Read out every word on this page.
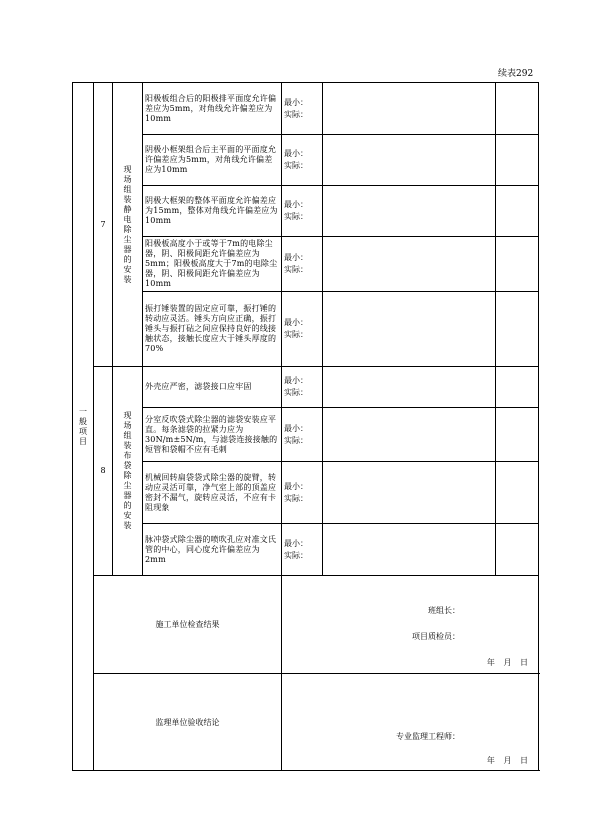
续表292
一般项目	7	现场组装静电除尘器的安装	阳极板组合后的阳极排平面度允许偏差应为5mm，对角线允许偏差应为10mm	最小：
实际：		

			阴极小框架组合后主平面的平面度允许偏差应为5mm，对角线允许偏差应为10mm	最小：
实际：		

			阴极大框架的整体平面度允许偏差应为15mm，整体对角线允许偏差应为10mm	最小：
实际：		

			阳极板高度小于或等于7m的电除尘器，阴、阳极间距允许偏差应为5mm；阳极板高度大于7m的电除尘器，阴、阳极间距允许偏差应为10mm	最小：
实际：		

			振打锤装置的固定应可靠，振打锤的转动应灵活。锤头方向应正确，振打锤头与振打砧之间应保持良好的线接触状态，接触长度应大于锤头厚度的70%	最小：
实际：		

	8	现场组装布袋除尘器的安装	外壳应严密，滤袋接口应牢固	最小：
实际：		

			分室反吹袋式除尘器的滤袋安装应平直。每条滤袋的拉紧力应为30N/m±5N/m，与滤袋连接接触的短管和袋帽不应有毛刺	最小：
实际：		

			机械回转扁袋袋式除尘器的旋臂，转动应灵活可靠，净气室上部的顶盖应密封不漏气，旋转应灵活，不应有卡阻现象	最小：
实际：		

			脉冲袋式除尘器的喷吹孔应对准文氏管的中心，同心度允许偏差应为2mm	最小：
实际：		

	施工单位检查结果			班组长：
项目质检员：
年 月 日		

	监理单位验收结论			专业监理工程师：
年 月 日		
